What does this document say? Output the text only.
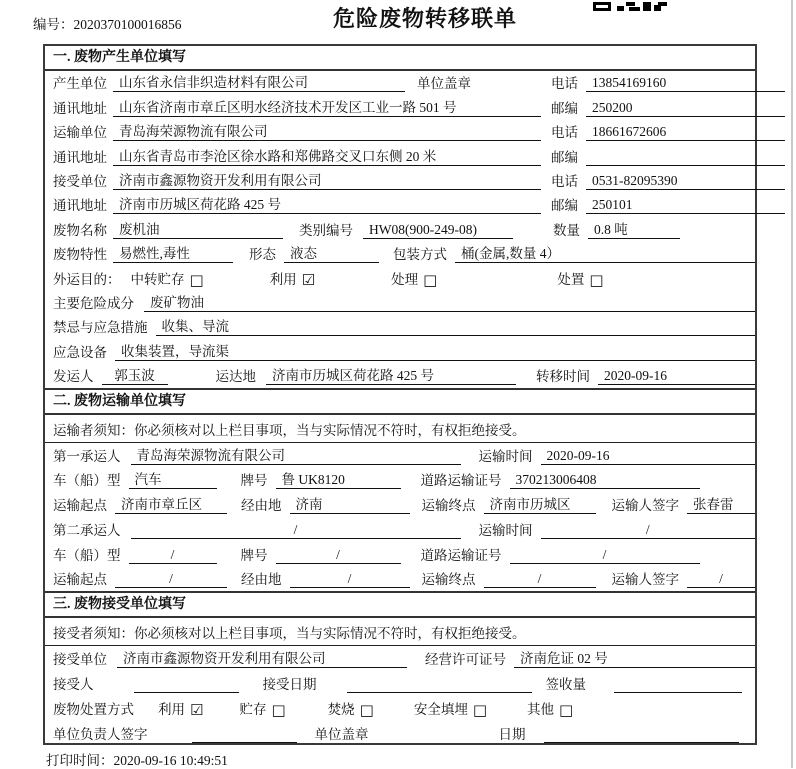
编号：2020370100016856	危险废物转移联单
一. 废物产生单位填写
产生单位 山东省永信非织造材料有限公司	单位盖章	电话	13854169160
通讯地址 山东省济南市章丘区明水经济技术开发区工业一路 501 号	邮编	250200
运输单位 青岛海荣源物流有限公司	电话	18661672606
通讯地址 山东省青岛市李沧区徐水路和郑佛路交叉口东侧 20 米	邮编
接受单位 济南市鑫源物资开发利用有限公司	电话	0531-82095390
通讯地址 济南市历城区荷花路 425 号	邮编	250101
废物名称 废机油	类别编号	HW08(900-249-08)	数量	0.8 吨
废物特性 易燃性,毒性	形态	液态	包装方式	桶(金属,数量 4）
外运目的： 中转贮存 □	利用 ☑	处理 □	处置 □
主要危险成分	废矿物油
禁忌与应急措施	收集、导流
应急设备	收集装置，导流渠
发运人	郭玉波	运达地	济南市历城区荷花路 425 号	转移时间	2020-09-16
二. 废物运输单位填写
运输者须知：你必须核对以上栏目事项，当与实际情况不符时，有权拒绝接受。
第一承运人	青岛海荣源物流有限公司	运输时间	2020-09-16
车（船）型	汽车	牌号	鲁 UK8120	道路运输证号	370213006408
运输起点	济南市章丘区	经由地	济南	运输终点	济南市历城区	运输人签字	张春雷
第二承运人	/	运输时间	/
车（船）型	/	牌号	/	道路运输证号	/
运输起点	/	经由地	/	运输终点	/	运输人签字	/
三. 废物接受单位填写
接受者须知：你必须核对以上栏目事项，当与实际情况不符时，有权拒绝接受。
接受单位	济南市鑫源物资开发利用有限公司	经营许可证号	济南危证 02 号
接受人	接受日期	签收量
废物处置方式 利用 ☑	贮存 □	焚烧 □	安全填埋 □	其他 □
单位负责人签字	单位盖章	日期
打印时间：2020-09-16 10:49:51
